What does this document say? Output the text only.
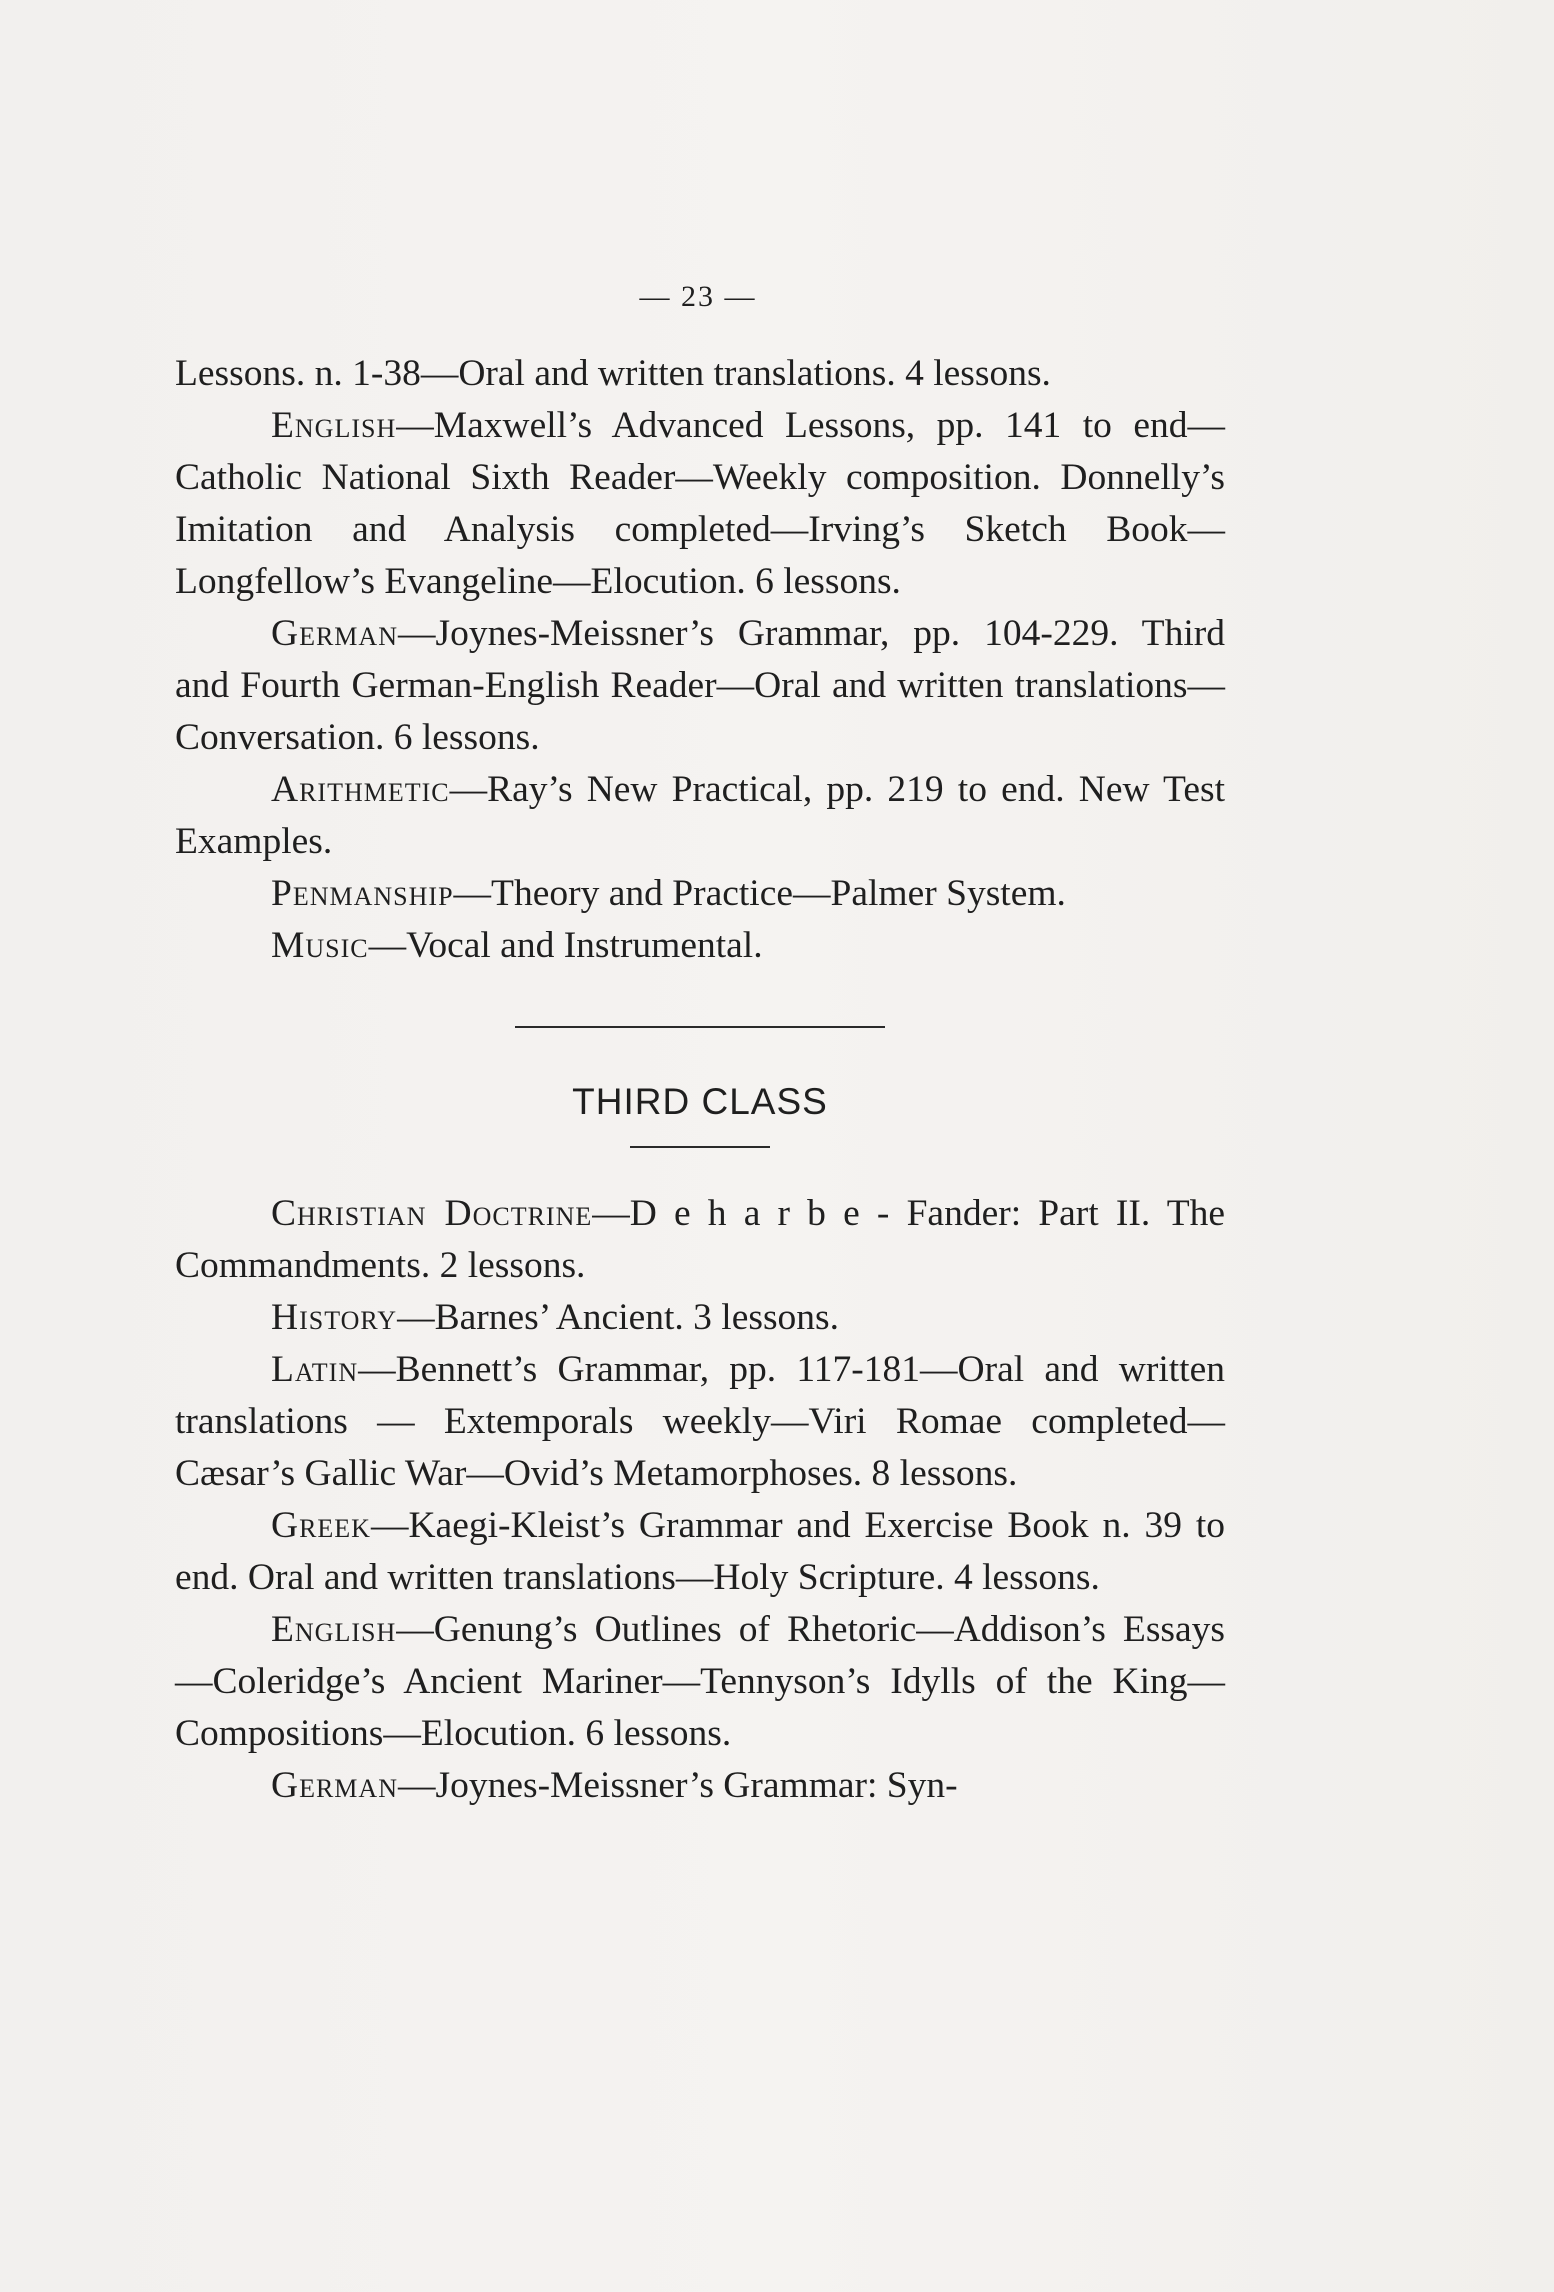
— 23 —

Lessons. n. 1-38—Oral and written translations. 4 lessons.

English—Maxwell’s Advanced Lessons, pp. 141 to end—Catholic National Sixth Reader—Weekly composition. Donnelly’s Imitation and Analysis completed—Irving’s Sketch Book—Longfellow’s Evangeline—Elocution. 6 lessons.

German—Joynes-Meissner’s Grammar, pp. 104-229. Third and Fourth German-English Reader—Oral and written translations—Conversation. 6 lessons.

Arithmetic—Ray’s New Practical, pp. 219 to end. New Test Examples.

Penmanship—Theory and Practice—Palmer System.

Music—Vocal and Instrumental.

THIRD CLASS

Christian Doctrine—D e h a r b e - Fander: Part II. The Commandments. 2 lessons.

History—Barnes’ Ancient. 3 lessons.

Latin—Bennett’s Grammar, pp. 117-181—Oral and written translations — Extemporals weekly—Viri Romae completed—Cæsar’s Gallic War—Ovid’s Metamorphoses. 8 lessons.

Greek—Kaegi-Kleist’s Grammar and Exercise Book n. 39 to end. Oral and written translations—Holy Scripture. 4 lessons.

English—Genung’s Outlines of Rhetoric—Addison’s Essays—Coleridge’s Ancient Mariner—Tennyson’s Idylls of the King—Compositions—Elocution. 6 lessons.

German—Joynes-Meissner’s Grammar: Syn-
